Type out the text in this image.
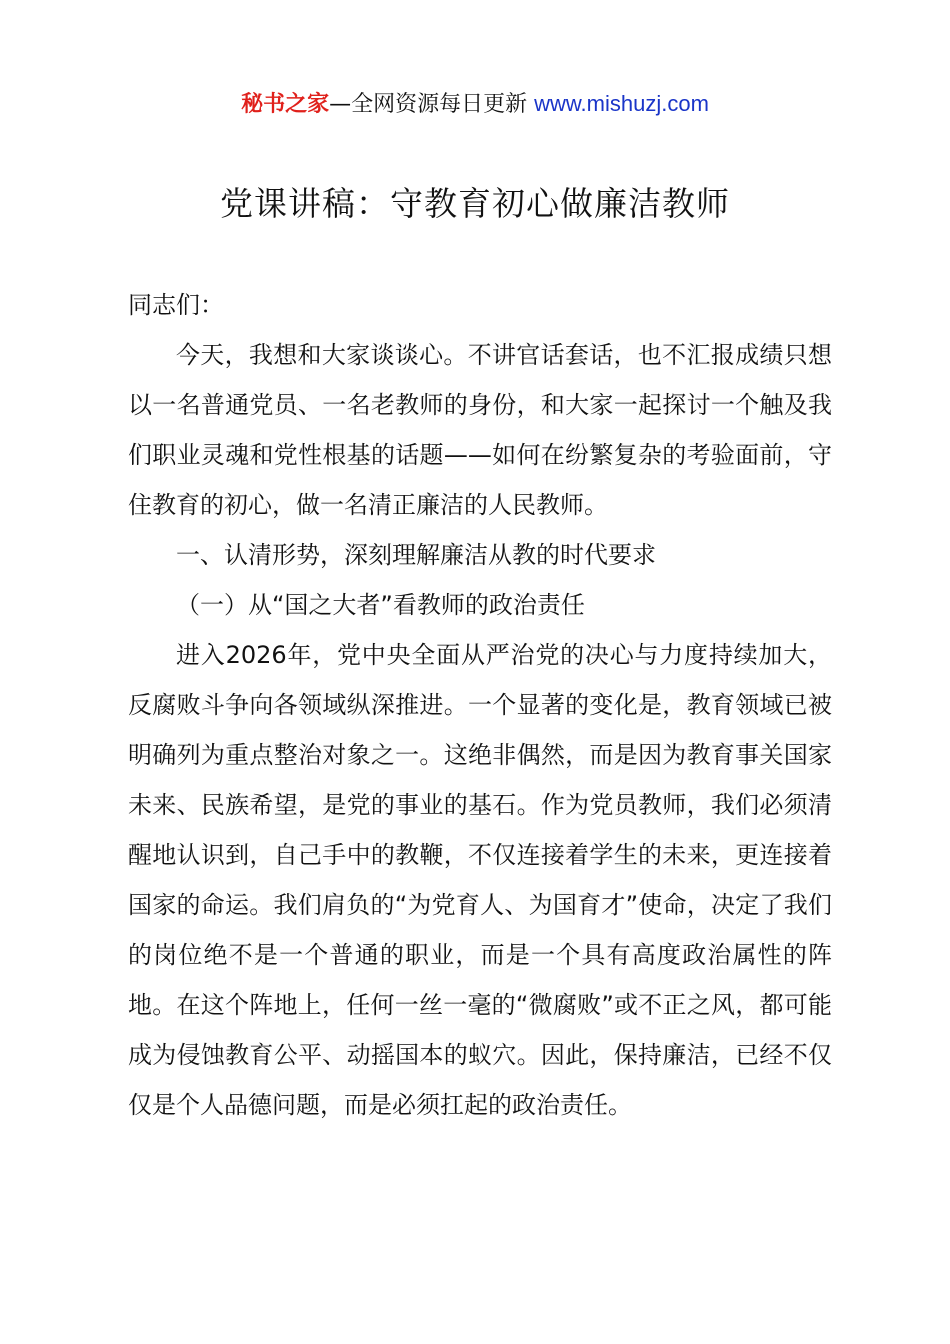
秘书之家—全网资源每日更新 www.mishuzj.com
党课讲稿：守教育初心做廉洁教师

同志们：

今天，我想和大家谈谈心。不讲官话套话，也不汇报成绩只想以一名普通党员、一名老教师的身份，和大家一起探讨一个触及我们职业灵魂和党性根基的话题——如何在纷繁复杂的考验面前，守住教育的初心，做一名清正廉洁的人民教师。

一、认清形势，深刻理解廉洁从教的时代要求

（一）从“国之大者”看教师的政治责任

进入2026年，党中央全面从严治党的决心与力度持续加大，反腐败斗争向各领域纵深推进。一个显著的变化是，教育领域已被明确列为重点整治对象之一。这绝非偶然，而是因为教育事关国家未来、民族希望，是党的事业的基石。作为党员教师，我们必须清醒地认识到，自己手中的教鞭，不仅连接着学生的未来，更连接着国家的命运。我们肩负的“为党育人、为国育才”使命，决定了我们的岗位绝不是一个普通的职业，而是一个具有高度政治属性的阵地。在这个阵地上，任何一丝一毫的“微腐败”或不正之风，都可能成为侵蚀教育公平、动摇国本的蚁穴。因此，保持廉洁，已经不仅仅是个人品德问题，而是必须扛起的政治责任。
